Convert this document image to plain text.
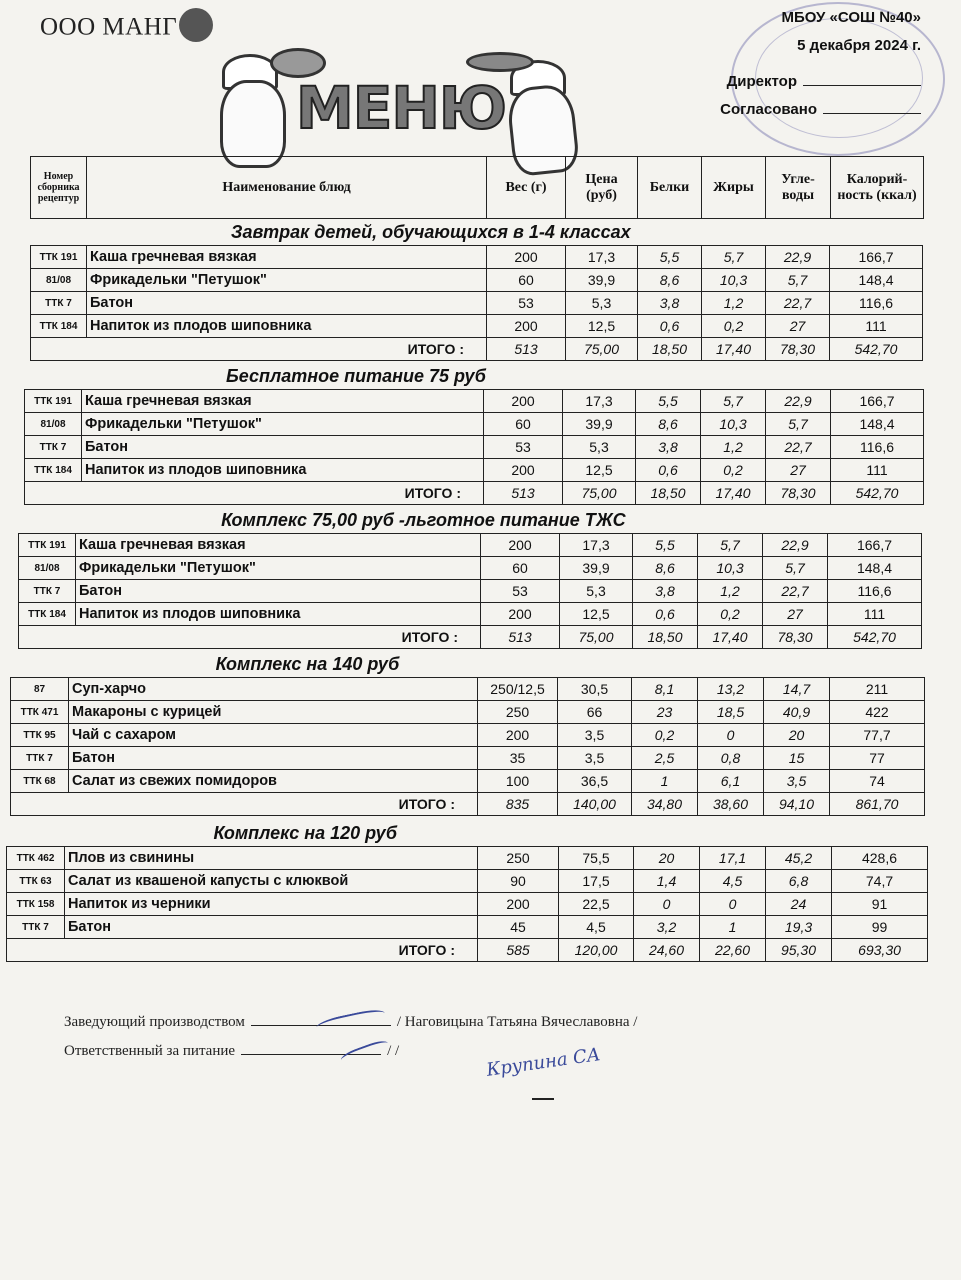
ООО МАНГ	МБОУ «СОШ №40»
5 декабря 2024 г.
Директор
Согласовано
МЕНЮ
Номер сборника рецептур	Наименование блюд	Вес (г)	Цена (руб)	Белки	Жиры	Угле-воды	Калорий-ность (ккал)
Завтрак детей, обучающихся в 1-4 классах
ТТК 191	Каша гречневая вязкая	200	17,3	5,5	5,7	22,9	166,7
81/08	Фрикадельки "Петушок"	60	39,9	8,6	10,3	5,7	148,4
ТТК 7	Батон	53	5,3	3,8	1,2	22,7	116,6
ТТК 184	Напиток из плодов шиповника	200	12,5	0,6	0,2	27	111
ИТОГО :		513	75,00	18,50	17,40	78,30	542,70
Бесплатное питание 75 руб
ТТК 191	Каша гречневая вязкая	200	17,3	5,5	5,7	22,9	166,7
81/08	Фрикадельки "Петушок"	60	39,9	8,6	10,3	5,7	148,4
ТТК 7	Батон	53	5,3	3,8	1,2	22,7	116,6
ТТК 184	Напиток из плодов шиповника	200	12,5	0,6	0,2	27	111
ИТОГО :		513	75,00	18,50	17,40	78,30	542,70
Комплекс 75,00 руб -льготное питание ТЖС
ТТК 191	Каша гречневая вязкая	200	17,3	5,5	5,7	22,9	166,7
81/08	Фрикадельки "Петушок"	60	39,9	8,6	10,3	5,7	148,4
ТТК 7	Батон	53	5,3	3,8	1,2	22,7	116,6
ТТК 184	Напиток из плодов шиповника	200	12,5	0,6	0,2	27	111
ИТОГО :		513	75,00	18,50	17,40	78,30	542,70
Комплекс на 140 руб
87	Суп-харчо	250/12,5	30,5	8,1	13,2	14,7	211
ТТК 471	Макароны с курицей	250	66	23	18,5	40,9	422
ТТК 95	Чай с сахаром	200	3,5	0,2	0	20	77,7
ТТК 7	Батон	35	3,5	2,5	0,8	15	77
ТТК 68	Салат из свежих помидоров	100	36,5	1	6,1	3,5	74
ИТОГО :		835	140,00	34,80	38,60	94,10	861,70
Комплекс на 120 руб
ТТК 462	Плов из свинины	250	75,5	20	17,1	45,2	428,6
ТТК 63	Салат из квашеной капусты с клюквой	90	17,5	1,4	4,5	6,8	74,7
ТТК 158	Напиток из черники	200	22,5	0	0	24	91
ТТК 7	Батон	45	4,5	3,2	1	19,3	99
ИТОГО :		585	120,00	24,60	22,60	95,30	693,30
Заведующий производством	/ Наговицына Татьяна Вячеславовна /
Ответственный за питание	/ /	Крупина СА
